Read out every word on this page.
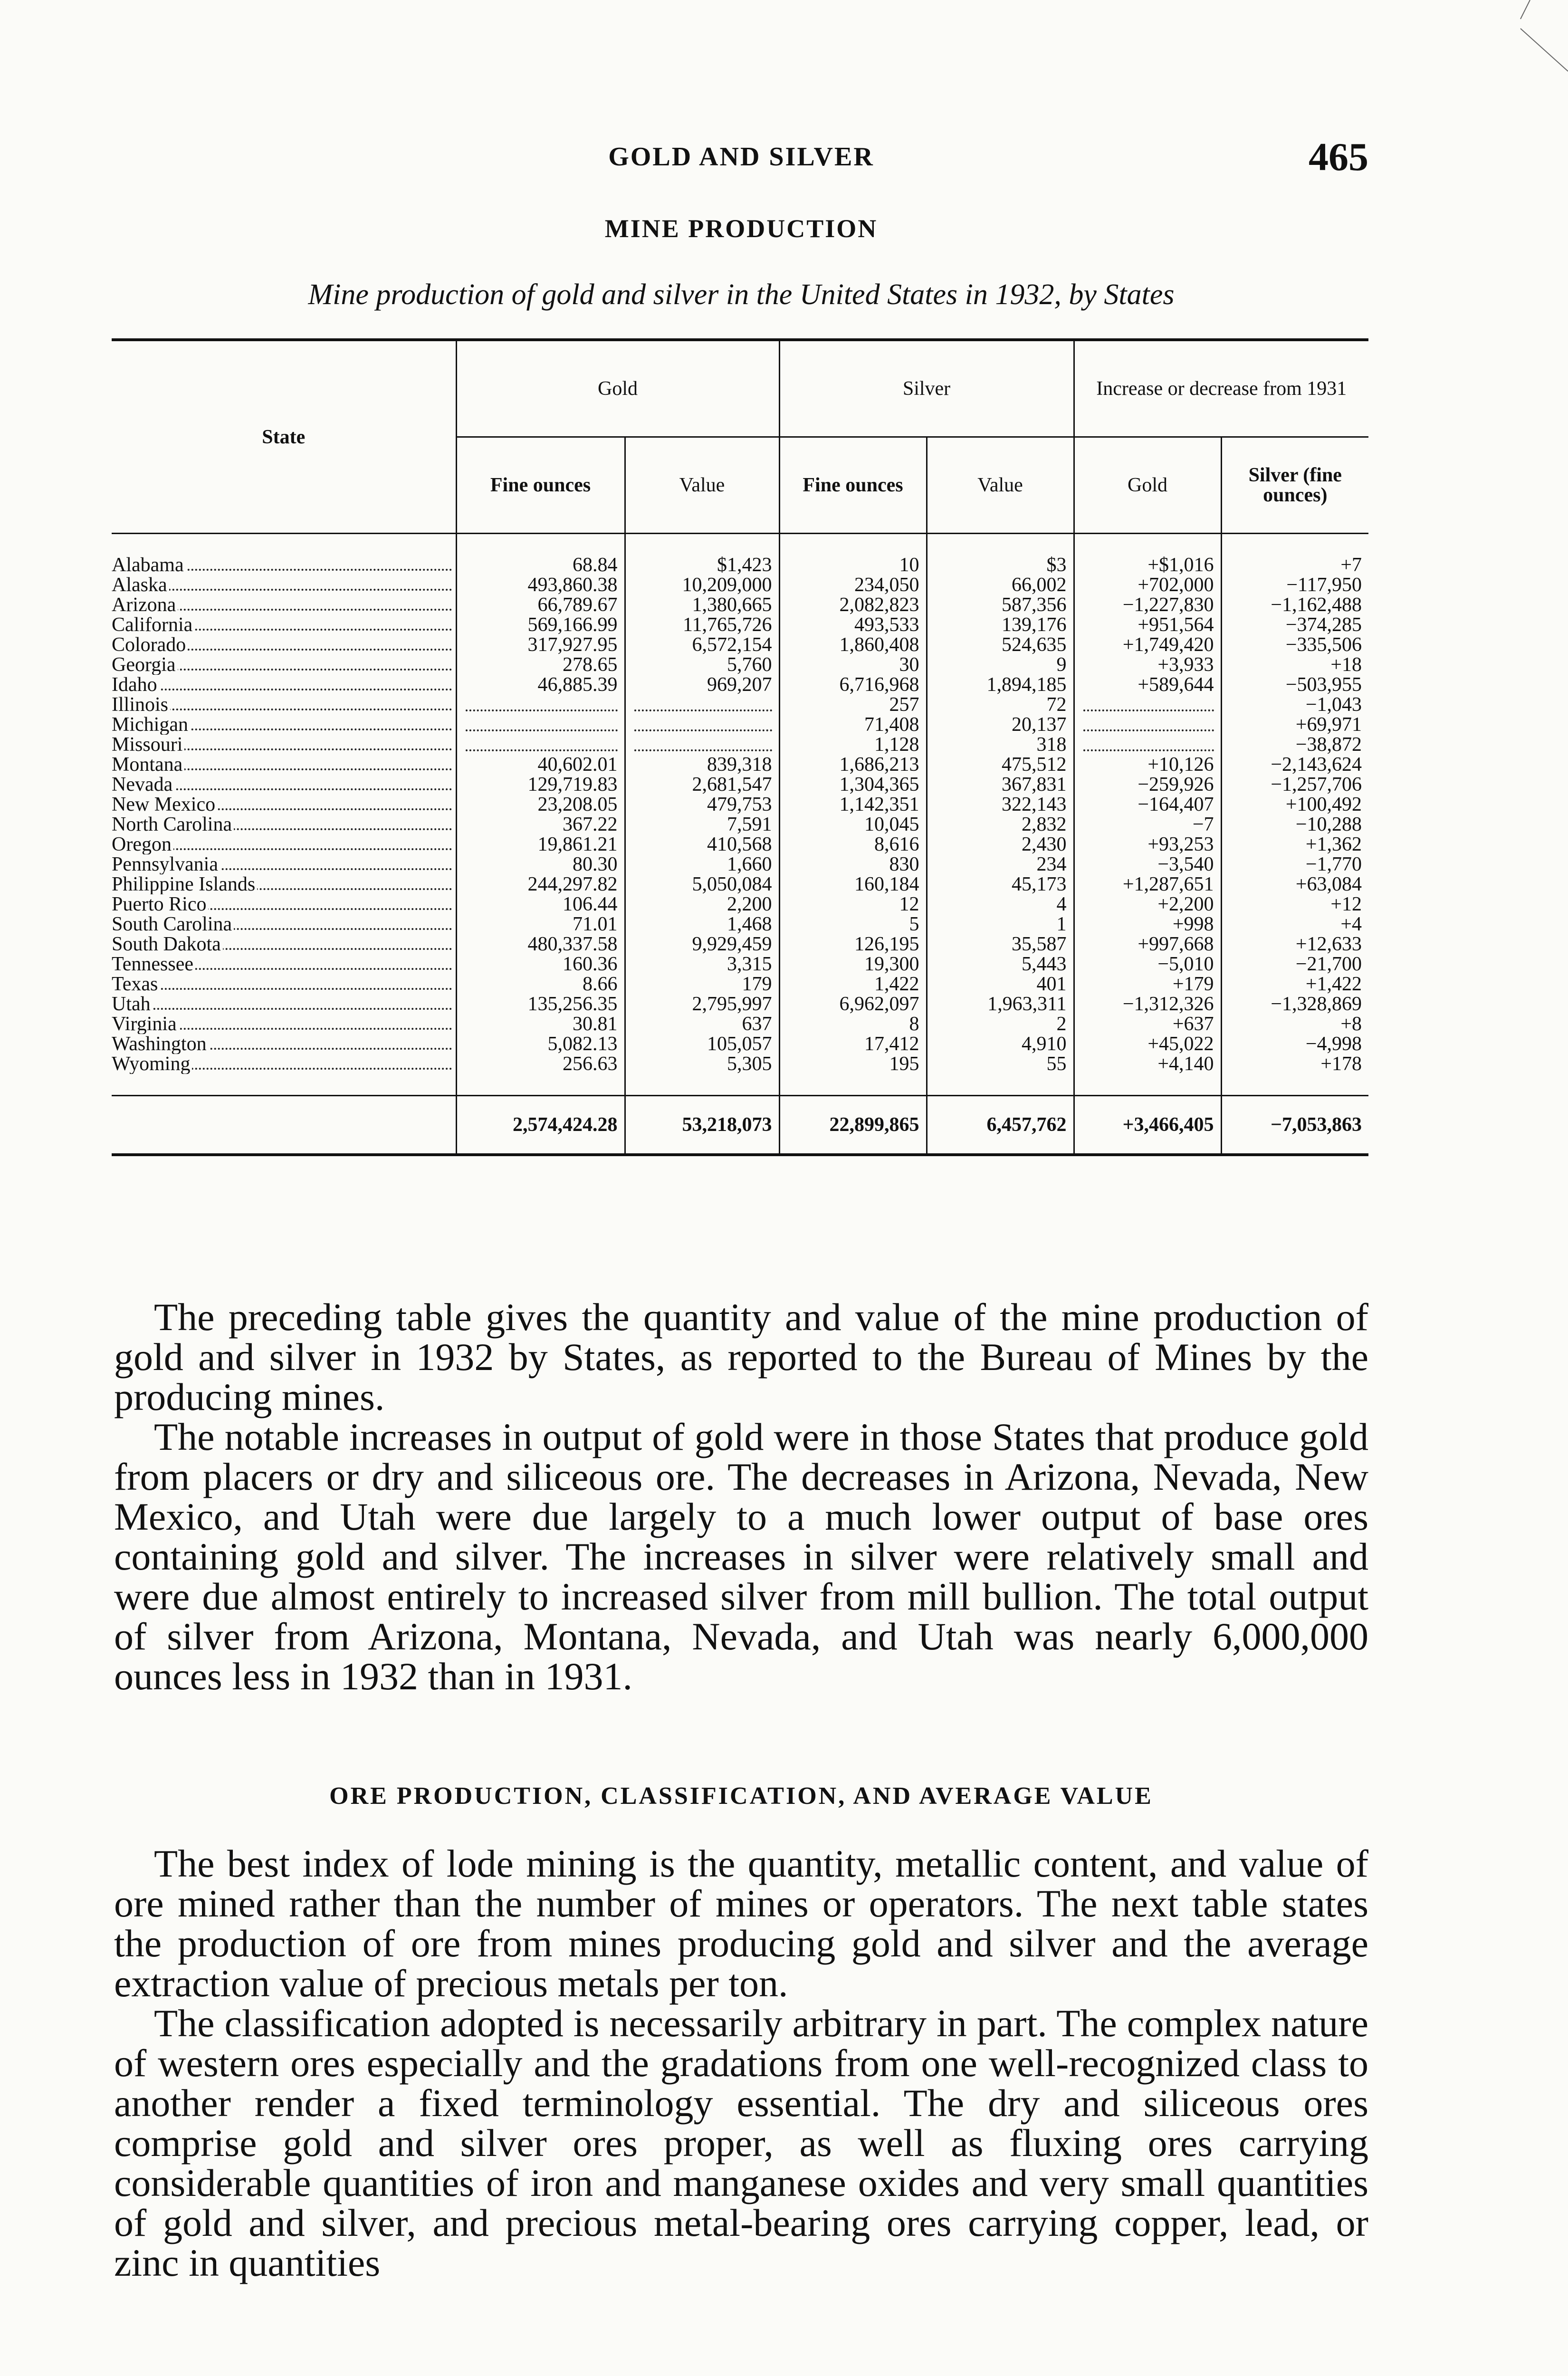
GOLD AND SILVER	465
MINE PRODUCTION
Mine production of gold and silver in the United States in 1932, by States
State	Gold		Silver		Increase or decrease from 1931	
	Fine ounces	Value	Fine ounces	Value	Gold	Silver (fine ounces)

Alabama	68.84	$1,423	10	$3	+$1,016	+7

Alaska	493,860.38	10,209,000	234,050	66,002	+702,000	−117,950

Arizona	66,789.67	1,380,665	2,082,823	587,356	−1,227,830	−1,162,488

California	569,166.99	11,765,726	493,533	139,176	+951,564	−374,285

Colorado	317,927.95	6,572,154	1,860,408	524,635	+1,749,420	−335,506

Georgia	278.65	5,760	30	9	+3,933	+18

Idaho	46,885.39	969,207	6,716,968	1,894,185	+589,644	−503,955

Illinois			257	72		−1,043

Michigan			71,408	20,137		+69,971

Missouri			1,128	318		−38,872

Montana	40,602.01	839,318	1,686,213	475,512	+10,126	−2,143,624

Nevada	129,719.83	2,681,547	1,304,365	367,831	−259,926	−1,257,706

New Mexico	23,208.05	479,753	1,142,351	322,143	−164,407	+100,492

North Carolina	367.22	7,591	10,045	2,832	−7	−10,288

Oregon	19,861.21	410,568	8,616	2,430	+93,253	+1,362

Pennsylvania	80.30	1,660	830	234	−3,540	−1,770

Philippine Islands	244,297.82	5,050,084	160,184	45,173	+1,287,651	+63,084

Puerto Rico	106.44	2,200	12	4	+2,200	+12

South Carolina	71.01	1,468	5	1	+998	+4

South Dakota	480,337.58	9,929,459	126,195	35,587	+997,668	+12,633

Tennessee	160.36	3,315	19,300	5,443	−5,010	−21,700

Texas	8.66	179	1,422	401	+179	+1,422

Utah	135,256.35	2,795,997	6,962,097	1,963,311	−1,312,326	−1,328,869

Virginia	30.81	637	8	2	+637	+8

Washington	5,082.13	105,057	17,412	4,910	+45,022	−4,998

Wyoming	256.63	5,305	195	55	+4,140	+178

	2,574,424.28	53,218,073	22,899,865	6,457,762	+3,466,405	−7,053,863

The preceding table gives the quantity and value of the mine production of gold and silver in 1932 by States, as reported to the Bureau of Mines by the producing mines.

The notable increases in output of gold were in those States that produce gold from placers or dry and siliceous ore. The decreases in Arizona, Nevada, New Mexico, and Utah were due largely to a much lower output of base ores containing gold and silver. The increases in silver were relatively small and were due almost entirely to increased silver from mill bullion. The total output of silver from Arizona, Montana, Nevada, and Utah was nearly 6,000,000 ounces less in 1932 than in 1931.

ORE PRODUCTION, CLASSIFICATION, AND AVERAGE VALUE

The best index of lode mining is the quantity, metallic content, and value of ore mined rather than the number of mines or operators. The next table states the production of ore from mines producing gold and silver and the average extraction value of precious metals per ton.

The classification adopted is necessarily arbitrary in part. The complex nature of western ores especially and the gradations from one well-recognized class to another render a fixed terminology essential. The dry and siliceous ores comprise gold and silver ores proper, as well as fluxing ores carrying considerable quantities of iron and manganese oxides and very small quantities of gold and silver, and precious metal-bearing ores carrying copper, lead, or zinc in quantities
